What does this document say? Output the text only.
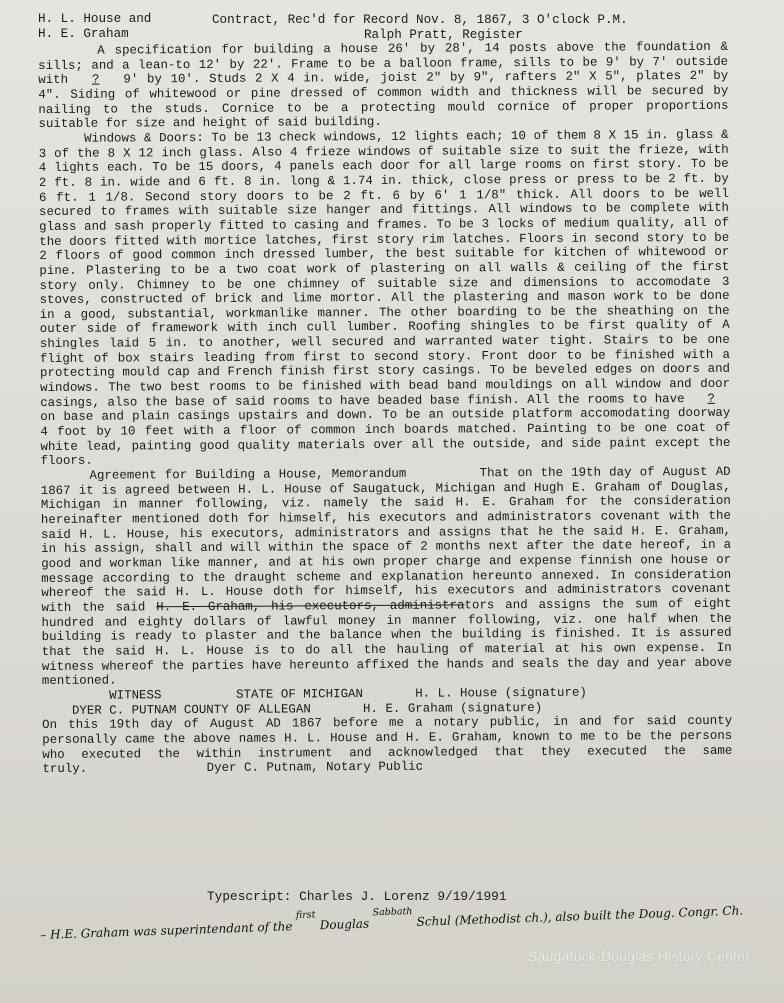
H. L. House and
H. E. Graham
Contract, Rec'd for Record Nov. 8, 1867, 3 O'clock P.M.
Ralph Pratt, Register

A specification for building a house 26' by 28', 14 posts above the foundation & sills; and a lean-to 12' by 22'. Frame to be a balloon frame, sills to be 9' by 7' outside with ? 9' by 10'. Studs 2 X 4 in. wide, joist 2" by 9", rafters 2" X 5", plates 2" by 4". Siding of whitewood or pine dressed of common width and thickness will be secured by nailing to the studs. Cornice to be a protecting mould cornice of proper proportions suitable for size and height of said building.

Windows & Doors: To be 13 check windows, 12 lights each; 10 of them 8 X 15 in. glass & 3 of the 8 X 12 inch glass. Also 4 frieze windows of suitable size to suit the frieze, with 4 lights each. To be 15 doors, 4 panels each door for all large rooms on first story. To be 2 ft. 8 in. wide and 6 ft. 8 in. long & 1.74 in. thick, close press or press to be 2 ft. by 6 ft. 1 1/8. Second story doors to be 2 ft. 6 by 6' 1 1/8" thick. All doors to be well secured to frames with suitable size hanger and fittings. All windows to be complete with glass and sash properly fitted to casing and frames. To be 3 locks of medium quality, all of the doors fitted with mortice latches, first story rim latches. Floors in second story to be 2 floors of good common inch dressed lumber, the best suitable for kitchen of whitewood or pine. Plastering to be a two coat work of plastering on all walls & ceiling of the first story only. Chimney to be one chimney of suitable size and dimensions to accomodate 3 stoves, constructed of brick and lime mortor. All the plastering and mason work to be done in a good, substantial, workmanlike manner. The other boarding to be the sheathing on the outer side of framework with inch cull lumber. Roofing shingles to be first quality of A shingles laid 5 in. to another, well secured and warranted water tight. Stairs to be one flight of box stairs leading from first to second story. Front door to be finished with a protecting mould cap and French finish first story casings. To be beveled edges on doors and windows. The two best rooms to be finished with bead band mouldings on all window and door casings, also the base of said rooms to have beaded base finish. All the rooms to have ? on base and plain casings upstairs and down. To be an outside platform accomodating doorway 4 foot by 10 feet with a floor of common inch boards matched. Painting to be one coat of white lead, painting good quality materials over all the outside, and side paint except the floors.

Agreement for Building a House, Memorandum	That on the 19th day of August AD 1867 it is agreed between H. L. House of Saugatuck, Michigan and Hugh E. Graham of Douglas, Michigan in manner following, viz. namely the said H. E. Graham for the consideration hereinafter mentioned doth for himself, his executors and administrators covenant with the said H. L. House, his executors, administrators and assigns that he the said H. E. Graham, in his assign, shall and will within the space of 2 months next after the date hereof, in a good and workman like manner, and at his own proper charge and expense finnish one house or message according to the draught scheme and explanation hereunto annexed. In consideration whereof the said H. L. House doth for himself, his executors and administrators covenant with the said H. E. Graham, his executors, administrators and assigns the sum of eight hundred and eighty dollars of lawful money in manner following, viz. one half when the building is ready to plaster and the balance when the building is finished. It is assured that the said H. L. House is to do all the hauling of material at his own expense. In witness whereof the parties have hereunto affixed the hands and seals the day and year above mentioned.

WITNESS	STATE OF MICHIGAN	H. L. House (signature)
DYER C. PUTNAM COUNTY OF ALLEGAN	H. E. Graham (signature)

On this 19th day of August AD 1867 before me a notary public, in and for said county personally came the above names H. L. House and H. E. Graham, known to me to be the persons who executed the within instrument and acknowledged that they executed the same truly.	Dyer C. Putnam, Notary Public

Typescript: Charles J. Lorenz 9/19/1991
– H.E. Graham was superintendant of the $^{first}$ Douglas $^{Sabbath}$ Schul (Methodist ch.), also built the Doug. Congr. Ch.
Saugatuck-Douglas History Center
